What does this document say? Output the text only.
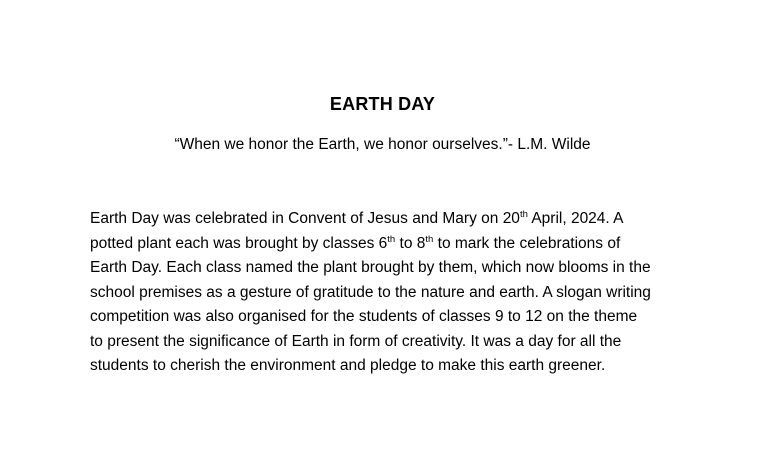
EARTH DAY
“When we honor the Earth, we honor ourselves.”- L.M. Wilde
Earth Day was celebrated in Convent of Jesus and Mary on 20th April, 2024. A
potted plant each was brought by classes 6th to 8th to mark the celebrations of
Earth Day. Each class named the plant brought by them, which now blooms in the
school premises as a gesture of gratitude to the nature and earth. A slogan writing
competition was also organised for the students of classes 9 to 12 on the theme
to present the significance of Earth in form of creativity. It was a day for all the
students to cherish the environment and pledge to make this earth greener.
